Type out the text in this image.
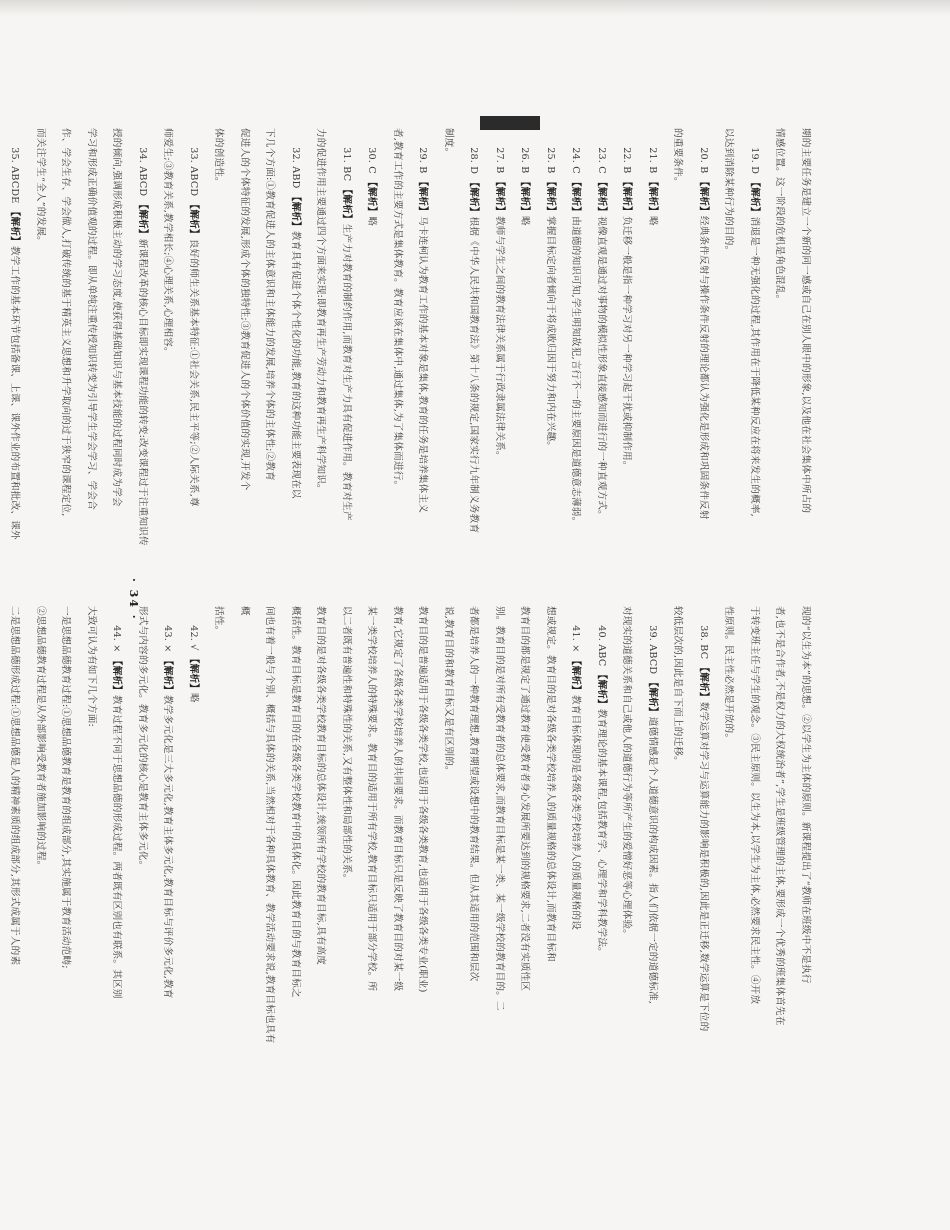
期的主要任务是建立一个新的同一感或自己在别人眼中的形象,以及他在社会集体中所占的

情感位置。这一阶段的危机是角色混乱。

19. D 【解析】消退是一种无强化的过程,其作用在于降低某种反应在将来发生的概率,

以达到消除某种行为的目的。

20. B 【解析】经典条件反射与操作条件反射的理论都认为强化是形成和巩固条件反射

的重要条件。

21. B 【解析】略

22. B 【解析】负迁移一般是指一种学习对另一种学习起干扰或抑制作用。

23. C 【解析】视像直观是通过对事物的模拟性形象直接感知而进行的一种直观方式。

24. C 【解析】由道德的知识可知,学生明知故犯,言行不一的主要原因是道德意志薄弱。

25. B 【解析】掌握目标定向者倾向于将成败归因于努力和内在兴趣。

26. B 【解析】略

27. B 【解析】教师与学生之间的教育法律关系属于行政隶属法律关系。

28. D 【解析】根据《中华人民共和国教育法》第十八条的规定,国家实行九年制义务教育

制度。

29. B 【解析】马卡连柯认为教育工作的基本对象是集体,教育的任务是培养集体主义

者,教育工作的主要方式是集体教育。教育应该在集体中,通过集体,为了集体而进行。

30. C 【解析】略

31. BC 【解析】生产力对教育的制约作用,而教育对生产力具有促进作用。教育对生产

力的促进作用主要通过四个方面来实现:即教育再生产劳动力和教育再生产科学知识。

32. ABD 【解析】教育具有促进个体个性化的功能,教育的这种功能主要表现在以

下几个方面:①教育促进人的主体意识和主体能力的发展,培养个体的主体性;②教育

促进人的个体特征的发展,形成个体的独特性;③教育促进人的个体价值的实现,开发个

体的创造性。

33. ABCD 【解析】良好的师生关系基本特征:①社会关系,民主平等;②人际关系,尊

师爱生;③教育关系,教学相长;④心理关系,心理相容。

34. ABCD 【解析】新课程改革的核心目标即实现课程功能的转变:改变课程过于注重知识传

授的倾向,强调形成积极主动的学习态度,使获得基础知识与基本技能的过程同时成为学会

学习和形成正确价值观的过程。即从单纯注重传授知识转变为引导学生学会学习、学会合

作、学会生存、学会做人,打破传统的基于精英主义思想和升学取向的过于狭窄的课程定位,

而关注学生“全人”的发展。

35. ABCDE 【解析】教学工作的基本环节包括备课、上课、课外作业的布置和批改、课外

现的“以生为本”的思想。②以学生为主体的原则。新课程提出了“教师在班级中不是执行

者,也不是合作者,不是权力的大权统治者”,学生是班级管理的主体,要形成一个优秀的班集体首先在

于转变班主任与学生的观念。③民主原则。以生为本,以学生为主体,必然要求民主性。④开放

性原则。民主性必然是开放的。

38. BC 【解析】数学运算对学习与运算能力的影响是积极的,因此是正迁移,数学运算是下位的

较低层次的,因此是自下而上的迁移。

39. ABCD 【解析】道德情感是个人道德意识的构成因素。指人们依据一定的道德标准,

对现实的道德关系和自己或他人的道德行为等所产生的爱憎好恶等心理体验。

40. ABC 【解析】教育理论的基本课程,包括教育学、心理学和学科教学法。

41. × 【解析】教育目标体现的是各级各类学校培养人的质量规格的设

想或规定。教育目的是对各级各类学校培养人的质量规格的总体设计,而教育目标和

教育目的都是规定了通过教育使受教育者身心发展所要达到的规格要求,二者没有实质性区

别。教育目的是对所有受教育者的总体要求,而教育目标是某一类、某一级学校的教育目的。二

者都是培养人的一种教育理想,教育期望或设想中的教育结果。但从其适用的范围和层次

说,教育目的和教育目标又是有区别的。

教育目的是普遍适用于各级各类学校,也适用于各级各类教育,也适用于各级各类专业(职业)

教育,它规定了各级各类学校培养人的共同要求。而教育目标只是反映了教育目的对某一级

某一类学校培养人的特殊要求。教育目的适用于所有学校,教育目标只适用于部分学校。所

以二者既有普遍性和特殊性的关系,又有整体性和局部性的关系。

教育目的是对各级各类学校教育目标的总体设计,统领所有学校的教育目标,具有高度

概括性。教育目标是教育目的在各级各类学校教育中的具体化。因此教育目的与教育目标之

间也有着一般与个别、概括与具体的关系,当然相对于各种具体教育、教学活动要求说,教育目标也具有概

括性。

42. √ 【解析】略

43. × 【解析】教学多元化是三大多元化,教育主体多元化,教育目标与评价多元化,教育

形式与内容的多元化。教育多元化的核心是教育主体多元化。

44. × 【解析】教育过程不同于思想品德的形成过程。两者既有区别也有联系。其区别

大致可认为有如下几个方面:

一是思想品德教育过程:①思想品德教育是教育的组成部分,其实施属于教育活动范畴;

②思想品德教育过程是从外部影响受教育者施加影响的过程。

二是思想品德形成过程:①思想品德是人的精神素质的组成部分,其形式成属于人的素

· 34 ·
